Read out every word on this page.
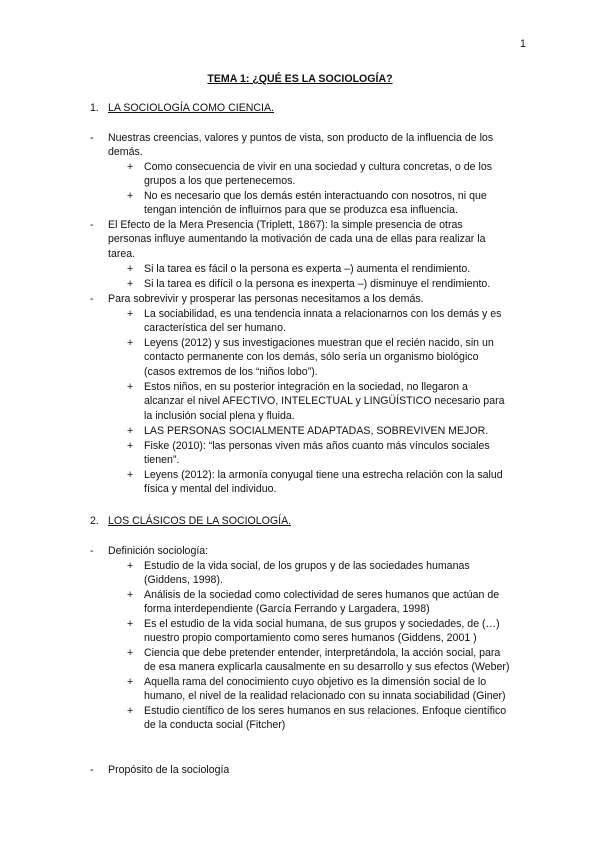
1
TEMA 1: ¿QUÉ ES LA SOCIOLOGÍA?
1. LA SOCIOLOGÍA COMO CIENCIA.
- Nuestras creencias, valores y puntos de vista, son producto de la influencia de los
demás.
+ Como consecuencia de vivir en una sociedad y cultura concretas, o de los
grupos a los que pertenecemos.
+ No es necesario que los demás estén interactuando con nosotros, ni que
tengan intención de influirnos para que se produzca esa influencia.
- El Efecto de la Mera Presencia (Triplett, 1867): la simple presencia de otras
personas influye aumentando la motivación de cada una de ellas para realizar la
tarea.
+ Si la tarea es fácil o la persona es experta –) aumenta el rendimiento.
+ Si la tarea es difícil o la persona es inexperta –) disminuye el rendimiento.
- Para sobrevivir y prosperar las personas necesitamos a los demás.
+ La sociabilidad, es una tendencia innata a relacionarnos con los demás y es
característica del ser humano.
+ Leyens (2012) y sus investigaciones muestran que el recién nacido, sin un
contacto permanente con los demás, sólo sería un organismo biológico
(casos extremos de los “niños lobo”).
+ Estos niños, en su posterior integración en la sociedad, no llegaron a
alcanzar el nivel AFECTIVO, INTELECTUAL y LINGÜÍSTICO necesario para
la inclusión social plena y fluida.
+ LAS PERSONAS SOCIALMENTE ADAPTADAS, SOBREVIVEN MEJOR.
+ Fiske (2010): “las personas viven más años cuanto más vínculos sociales
tienen”.
+ Leyens (2012): la armonía conyugal tiene una estrecha relación con la salud
física y mental del individuo.
2. LOS CLÁSICOS DE LA SOCIOLOGÍA.
- Definición sociología:
+ Estudio de la vida social, de los grupos y de las sociedades humanas
(Giddens, 1998).
+ Análisis de la sociedad como colectividad de seres humanos que actúan de
forma interdependiente (García Ferrando y Largadera, 1998)
+ Es el estudio de la vida social humana, de sus grupos y sociedades, de (…)
nuestro propio comportamiento como seres humanos (Giddens, 2001 )
+ Ciencia que debe pretender entender, interpretándola, la acción social, para
de esa manera explicarla causalmente en su desarrollo y sus efectos (Weber)
+ Aquella rama del conocimiento cuyo objetivo es la dimensión social de lo
humano, el nivel de la realidad relacionado con su innata sociabilidad (Giner)
+ Estudio científico de los seres humanos en sus relaciones. Enfoque científico
de la conducta social (Fitcher)
- Propósito de la sociología
